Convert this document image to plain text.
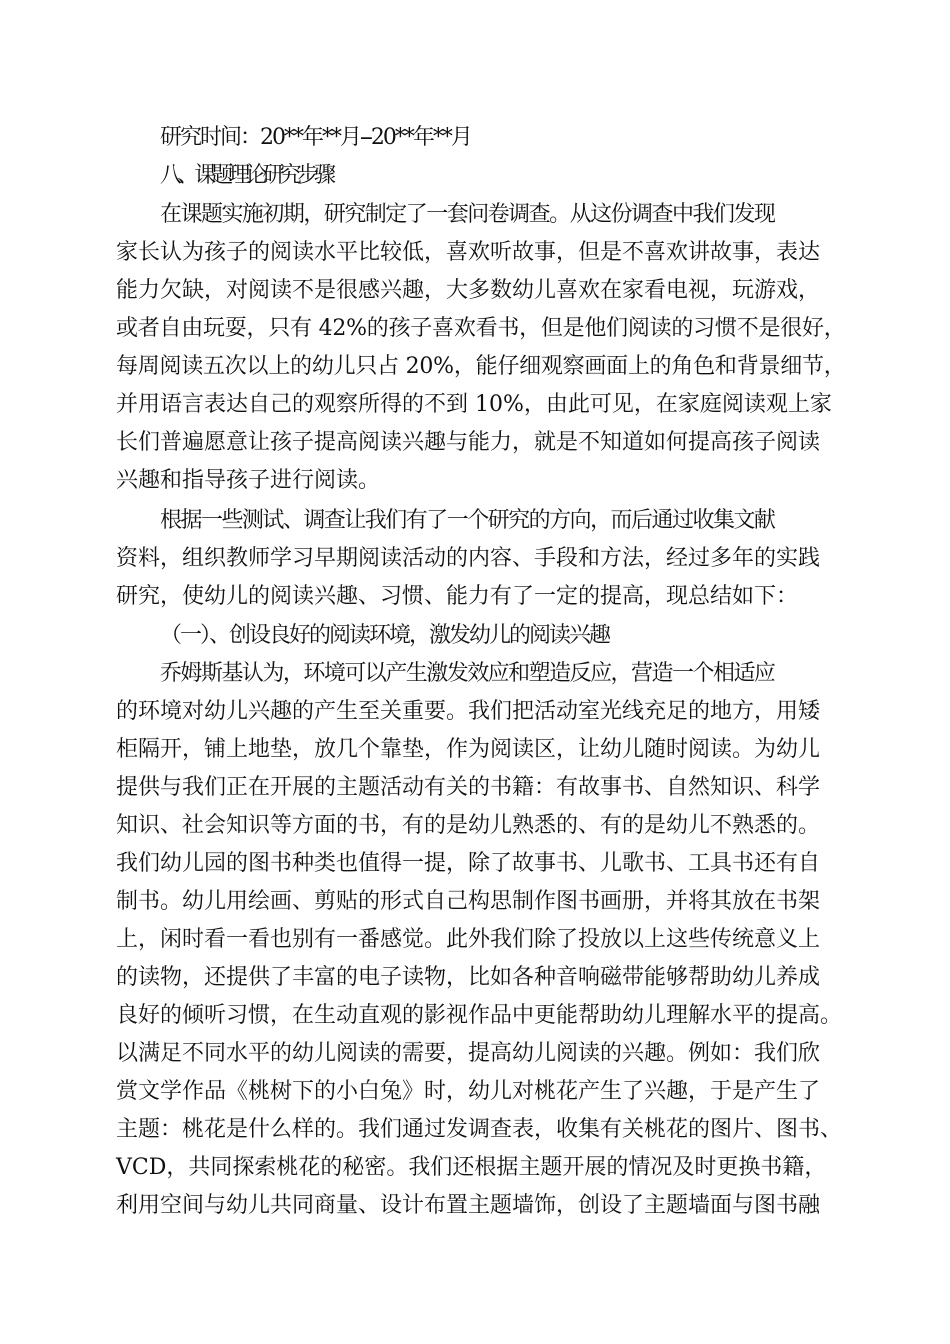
研究时间：20**年**月--20**年**月
八、课题理论研究步骤
在课题实施初期，研究制定了一套问卷调查。从这份调查中我们发现
家长认为孩子的阅读水平比较低，喜欢听故事，但是不喜欢讲故事，表达
能力欠缺，对阅读不是很感兴趣，大多数幼儿喜欢在家看电视，玩游戏，
或者自由玩耍，只有 42%的孩子喜欢看书，但是他们阅读的习惯不是很好，
每周阅读五次以上的幼儿只占 20%，能仔细观察画面上的角色和背景细节，
并用语言表达自己的观察所得的不到 10%，由此可见，在家庭阅读观上家
长们普遍愿意让孩子提高阅读兴趣与能力，就是不知道如何提高孩子阅读
兴趣和指导孩子进行阅读。
根据一些测试、调查让我们有了一个研究的方向，而后通过收集文献
资料，组织教师学习早期阅读活动的内容、手段和方法，经过多年的实践
研究，使幼儿的阅读兴趣、习惯、能力有了一定的提高，现总结如下：
（一）、创设良好的阅读环境，激发幼儿的阅读兴趣
乔姆斯基认为，环境可以产生激发效应和塑造反应，营造一个相适应
的环境对幼儿兴趣的产生至关重要。我们把活动室光线充足的地方，用矮
柜隔开，铺上地垫，放几个靠垫，作为阅读区，让幼儿随时阅读。为幼儿
提供与我们正在开展的主题活动有关的书籍：有故事书、自然知识、科学
知识、社会知识等方面的书，有的是幼儿熟悉的、有的是幼儿不熟悉的。
我们幼儿园的图书种类也值得一提，除了故事书、儿歌书、工具书还有自
制书。幼儿用绘画、剪贴的形式自己构思制作图书画册，并将其放在书架
上，闲时看一看也别有一番感觉。此外我们除了投放以上这些传统意义上
的读物，还提供了丰富的电子读物，比如各种音响磁带能够帮助幼儿养成
良好的倾听习惯，在生动直观的影视作品中更能帮助幼儿理解水平的提高。
以满足不同水平的幼儿阅读的需要，提高幼儿阅读的兴趣。例如：我们欣
赏文学作品《桃树下的小白兔》时，幼儿对桃花产生了兴趣，于是产生了
主题：桃花是什么样的。我们通过发调查表，收集有关桃花的图片、图书、
VCD，共同探索桃花的秘密。我们还根据主题开展的情况及时更换书籍，
利用空间与幼儿共同商量、设计布置主题墙饰，创设了主题墙面与图书融
